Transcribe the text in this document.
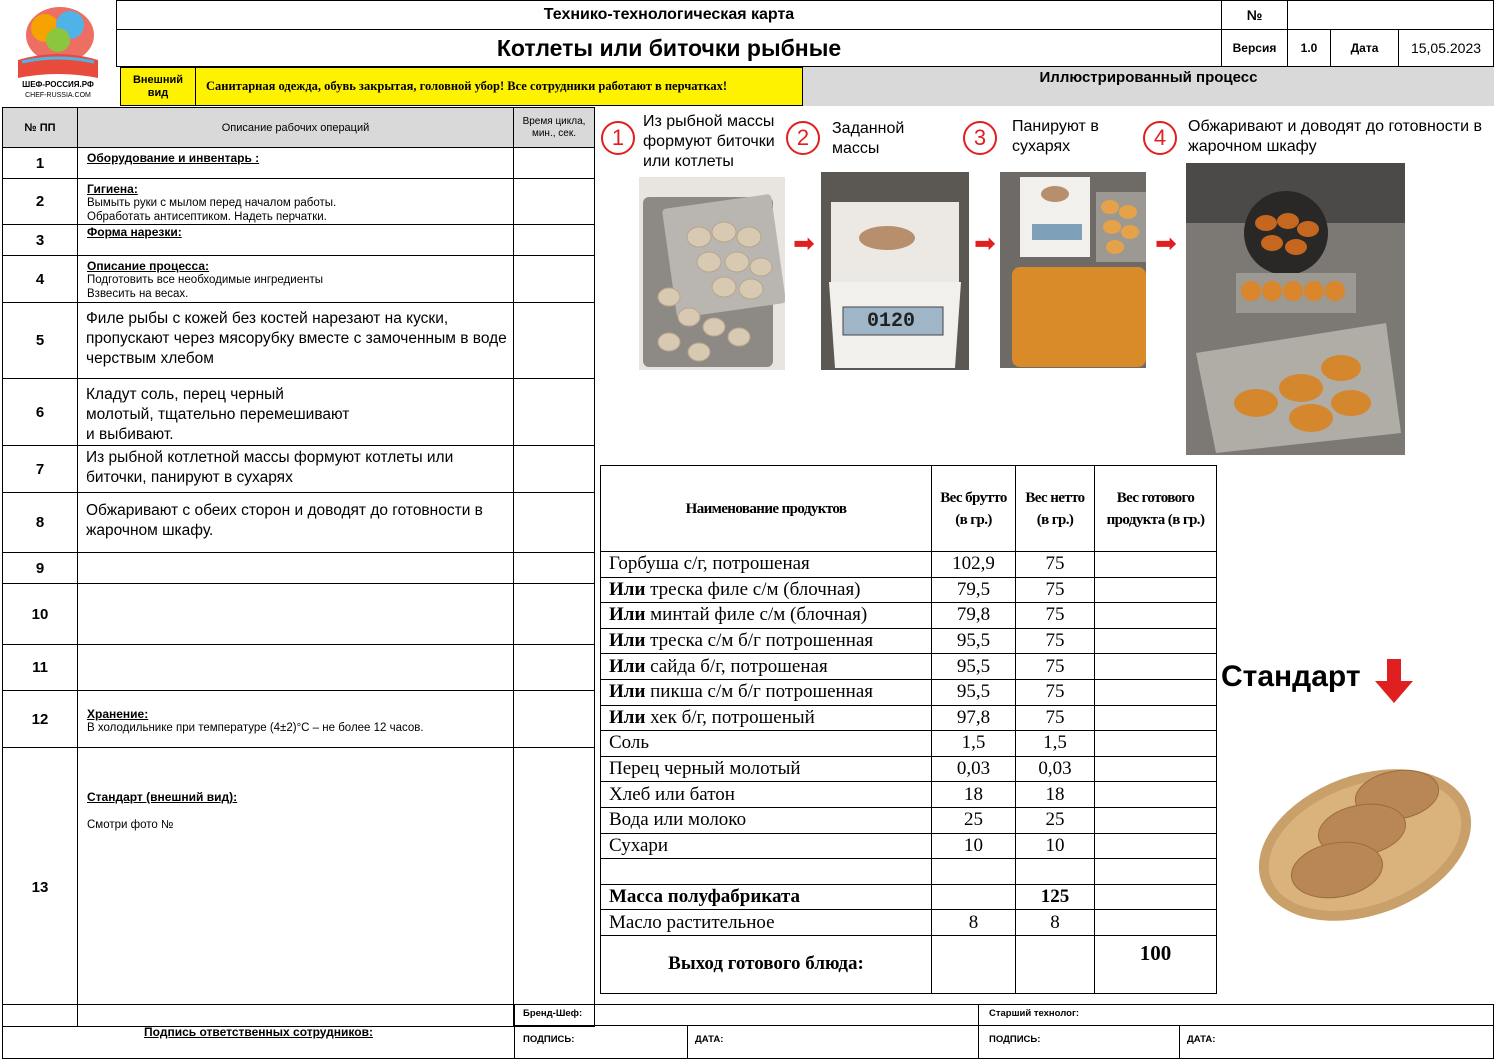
ШЕФ-РОССИЯ.РФ
CHEF-RUSSIA.COM
Технико-технологическая карта
Котлеты или биточки рыбные
№
Версия	1.0	Дата	15,05.2023
Внешний вид	Санитарная одежда, обувь закрытая, головной убор! Все сотрудники работают в перчатках!	Иллюстрированный процесс
№ ПП	Описание рабочих операций	Время цикла, мин., сек.
1	Оборудование и инвентарь :	

2	Гигиена:
Вымыть руки с мылом перед началом работы.
Обработать антисептиком. Надеть перчатки.	

3	Форма нарезки:	

4	Описание процесса:
Подготовить все необходимые ингредиенты
Взвесить на весах.	

5	Филе рыбы с кожей без костей нарезают на куски, пропускают через мясорубку вместе с замоченным в воде черствым хлебом	

6	Кладут соль, перец черный молотый, тщательно перемешивают и выбивают.	

7	Из рыбной котлетной массы формуют котлеты или биточки, панируют в сухарях	

8	Обжаривают с обеих сторон и доводят до готовности в жарочном шкафу.	

9		
10		
11		
12	Хранение:
В холодильнике при температуре (4±2)°С – не более 12 часов.	

13	Стандарт (внешний вид):
Смотри фото №	

1
Из рыбной массы формуют биточки или котлеты
2	Заданной массы	3	Панируют в сухарях	4	Обжаривают и доводят до готовности в жарочном шкафу
➡
0120
➡	➡
Наименование продуктов	Вес брутто (в гр.)	Вес нетто (в гр.)	Вес готового продукта (в гр.)
Горбуша с/г, потрошеная	102,9	75	
Или треска филе с/м (блочная)	79,5	75	
Или минтай филе с/м (блочная)	79,8	75	
Или треска с/м б/г потрошенная	95,5	75	
Или сайда б/г, потрошеная	95,5	75	
Или пикша с/м б/г потрошенная	95,5	75	
Или хек б/г, потрошеный	97,8	75	
Соль	1,5	1,5	
Перец черный молотый	0,03	0,03	
Хлеб или батон	18	18	
Вода или молоко	25	25	
Сухари	10	10	

Масса полуфабриката		125	
Масло растительное	8	8	
Выход готового блюда:			100
Стандарт
Подпись ответственных сотрудников:
Бренд-Шеф:
ПОДПИСЬ:	ДАТА:
Старший технолог:
ПОДПИСЬ:	ДАТА:
